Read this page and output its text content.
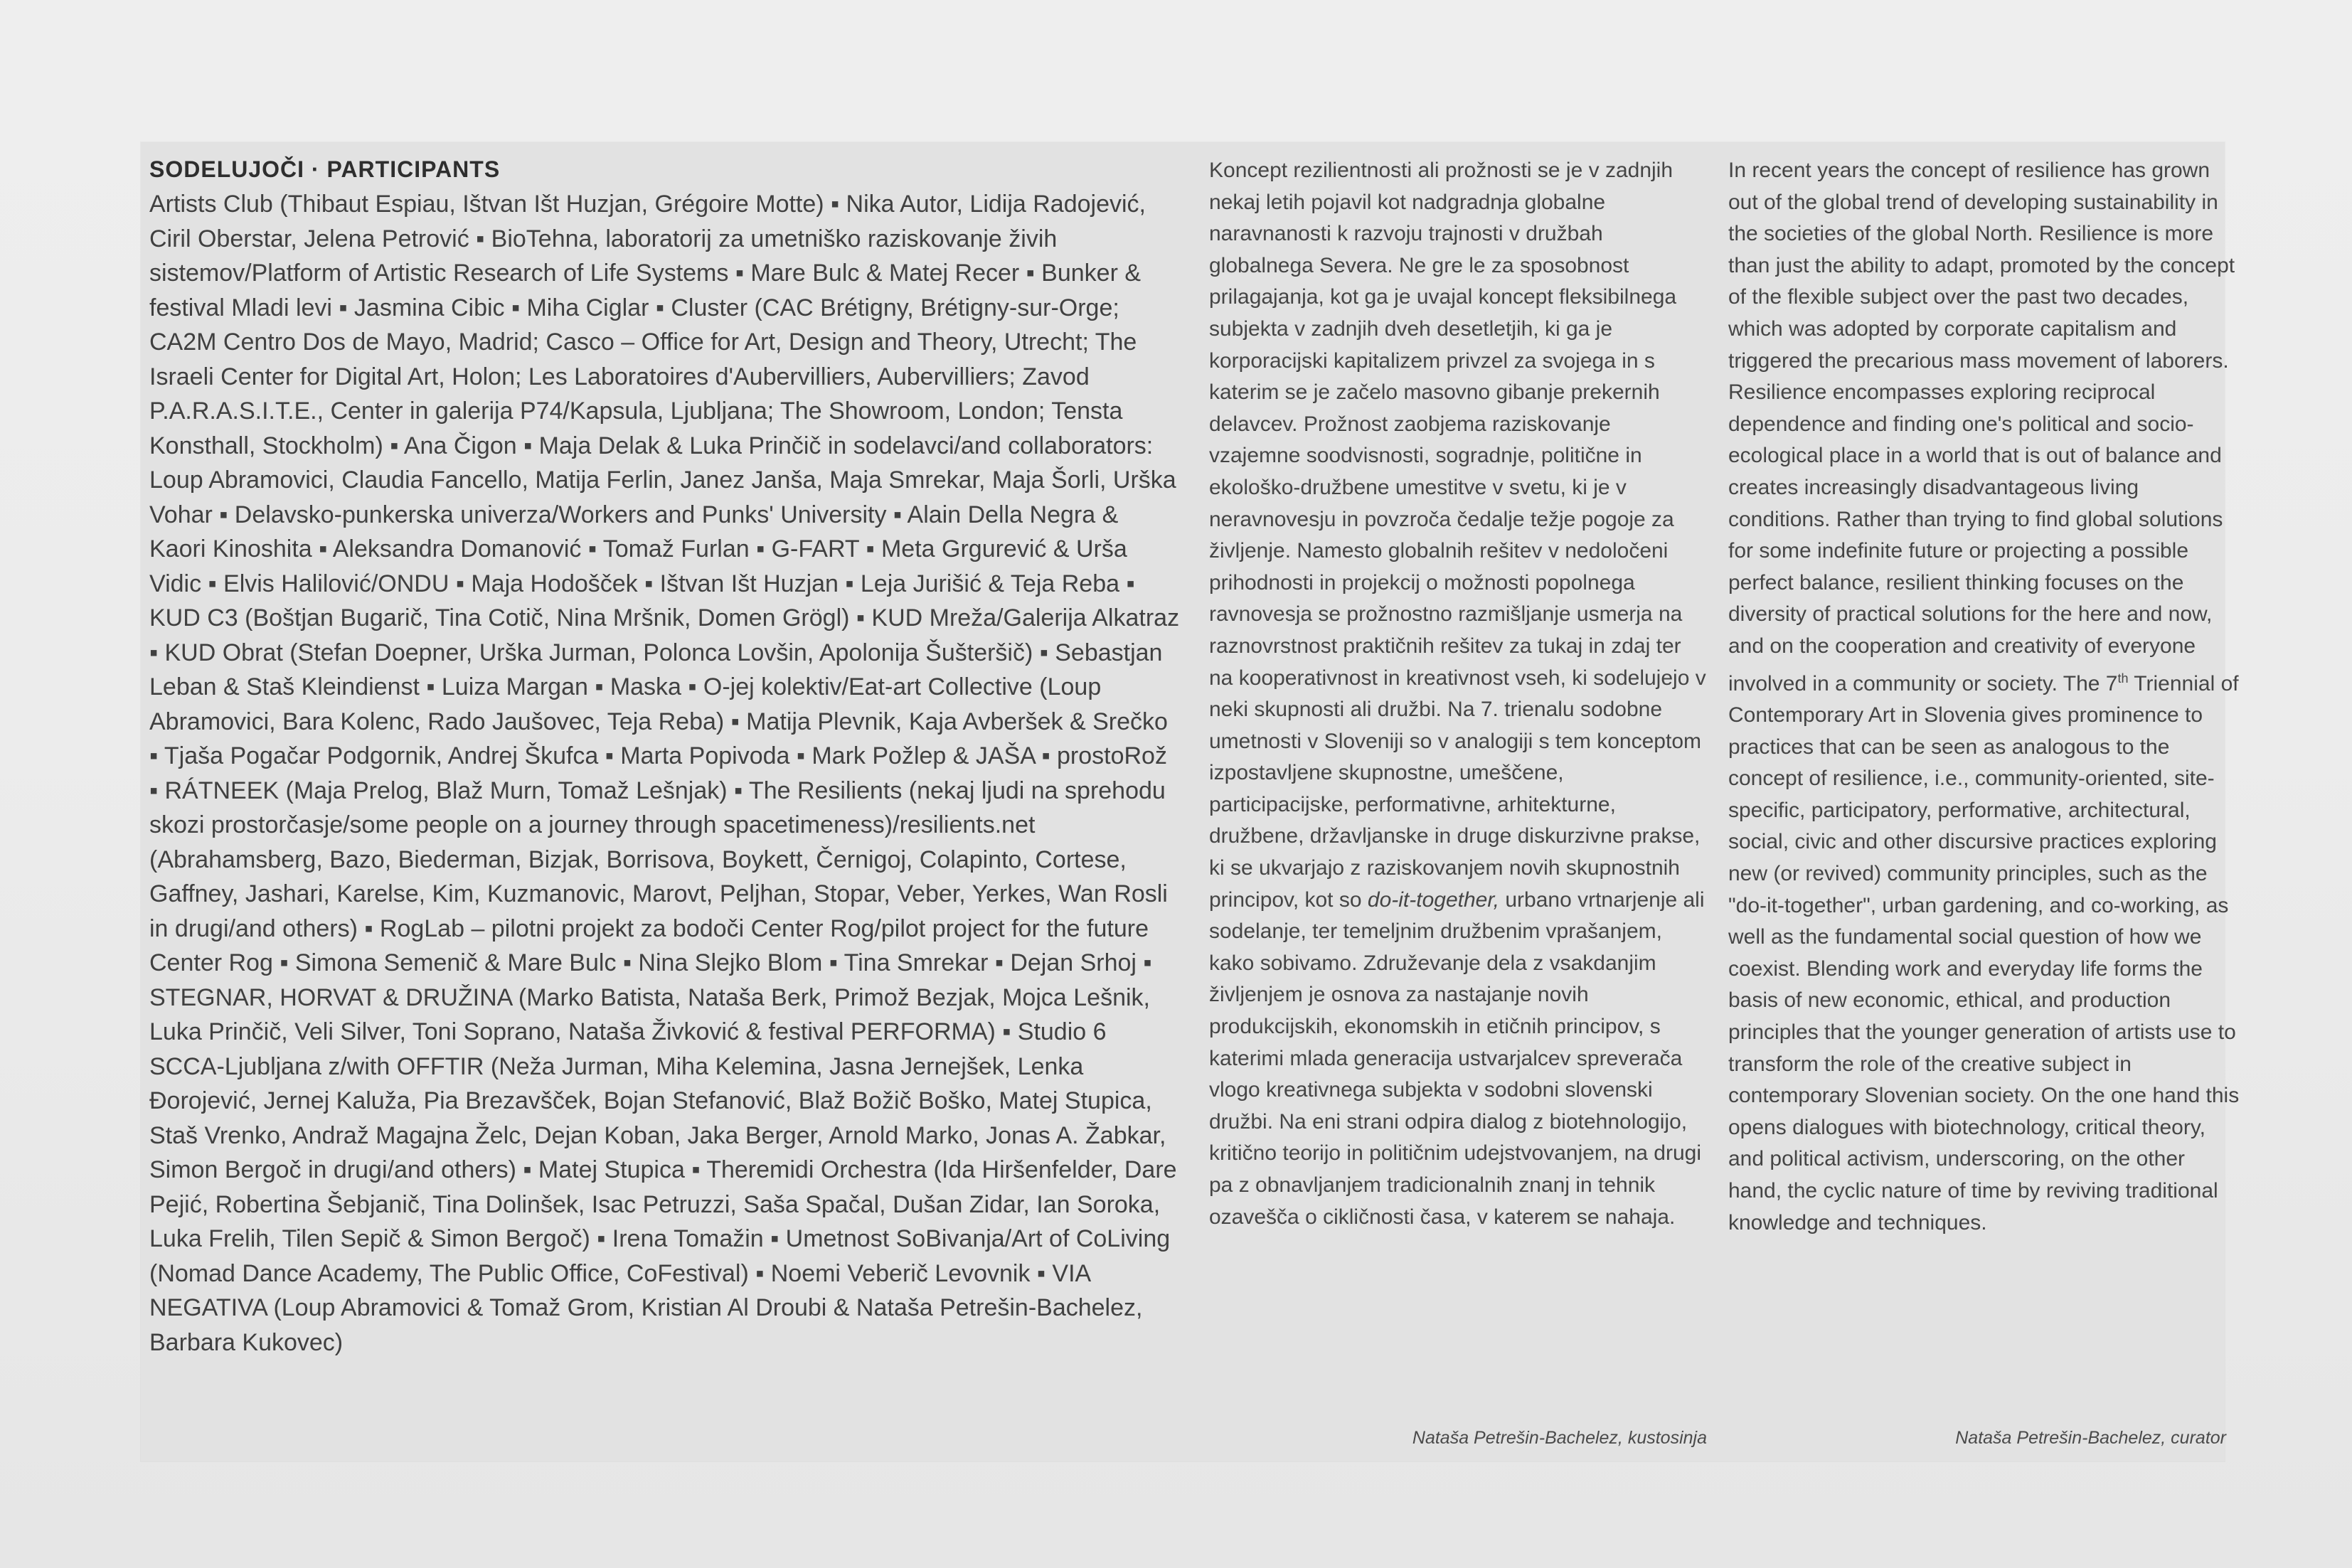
SODELUJOČI · PARTICIPANTS

Artists Club (Thibaut Espiau, Ištvan Išt Huzjan, Grégoire Motte) ▪ Nika Autor, Lidija Radojević, Ciril Oberstar, Jelena Petrović ▪ BioTehna, laboratorij za umetniško raziskovanje živih sistemov/Platform of Artistic Research of Life Systems ▪ Mare Bulc & Matej Recer ▪ Bunker & festival Mladi levi ▪ Jasmina Cibic ▪ Miha Ciglar ▪ Cluster (CAC Brétigny, Brétigny-sur-Orge; CA2M Centro Dos de Mayo, Madrid; Casco – Office for Art, Design and Theory, Utrecht; The Israeli Center for Digital Art, Holon; Les Laboratoires d'Aubervilliers, Aubervilliers; Zavod P.A.R.A.S.I.T.E., Center in galerija P74/Kapsula, Ljubljana; The Showroom, London; Tensta Konsthall, Stockholm) ▪ Ana Čigon ▪ Maja Delak & Luka Prinčič in sodelavci/and collaborators: Loup Abramovici, Claudia Fancello, Matija Ferlin, Janez Janša, Maja Smrekar, Maja Šorli, Urška Vohar ▪ Delavsko-punkerska univerza/Workers and Punks' University ▪ Alain Della Negra & Kaori Kinoshita ▪ Aleksandra Domanović ▪ Tomaž Furlan ▪ G-FART ▪ Meta Grgurević & Urša Vidic ▪ Elvis Halilović/ONDU ▪ Maja Hodošček ▪ Ištvan Išt Huzjan ▪ Leja Jurišić & Teja Reba ▪ KUD C3 (Boštjan Bugarič, Tina Cotič, Nina Mršnik, Domen Grögl) ▪ KUD Mreža/Galerija Alkatraz ▪ KUD Obrat (Stefan Doepner, Urška Jurman, Polonca Lovšin, Apolonija Šušteršič) ▪ Sebastjan Leban & Staš Kleindienst ▪ Luiza Margan ▪ Maska ▪ O-jej kolektiv/Eat-art Collective (Loup Abramovici, Bara Kolenc, Rado Jaušovec, Teja Reba) ▪ Matija Plevnik, Kaja Avberšek & Srečko ▪ Tjaša Pogačar Podgornik, Andrej Škufca ▪ Marta Popivoda ▪ Mark Požlep & JAŠA ▪ prostoRož ▪ RÁTNEEK (Maja Prelog, Blaž Murn, Tomaž Lešnjak) ▪ The Resilients (nekaj ljudi na sprehodu skozi prostorčasje/some people on a journey through spacetimeness)/resilients.net (Abrahamsberg, Bazo, Biederman, Bizjak, Borrisova, Boykett, Černigoj, Colapinto, Cortese, Gaffney, Jashari, Karelse, Kim, Kuzmanovic, Marovt, Peljhan, Stopar, Veber, Yerkes, Wan Rosli in drugi/and others) ▪ RogLab – pilotni projekt za bodoči Center Rog/pilot project for the future Center Rog ▪ Simona Semenič & Mare Bulc ▪ Nina Slejko Blom ▪ Tina Smrekar ▪ Dejan Srhoj ▪ STEGNAR, HORVAT & DRUŽINA (Marko Batista, Nataša Berk, Primož Bezjak, Mojca Lešnik, Luka Prinčič, Veli Silver, Toni Soprano, Nataša Živković & festival PERFORMA) ▪ Studio 6 SCCA-Ljubljana z/with OFFTIR (Neža Jurman, Miha Kelemina, Jasna Jernejšek, Lenka Đorojević, Jernej Kaluža, Pia Brezavšček, Bojan Stefanović, Blaž Božič Boško, Matej Stupica, Staš Vrenko, Andraž Magajna Želc, Dejan Koban, Jaka Berger, Arnold Marko, Jonas A. Žabkar, Simon Bergoč in drugi/and others) ▪ Matej Stupica ▪ Theremidi Orchestra (Ida Hiršenfelder, Dare Pejić, Robertina Šebjanič, Tina Dolinšek, Isac Petruzzi, Saša Spačal, Dušan Zidar, Ian Soroka, Luka Frelih, Tilen Sepič & Simon Bergoč) ▪ Irena Tomažin ▪ Umetnost SoBivanja/Art of CoLiving (Nomad Dance Academy, The Public Office, CoFestival) ▪ Noemi Veberič Levovnik ▪ VIA NEGATIVA (Loup Abramovici & Tomaž Grom, Kristian Al Droubi & Nataša Petrešin-Bachelez, Barbara Kukovec)

Koncept rezilientnosti ali prožnosti se je v zadnjih nekaj letih pojavil kot nadgradnja globalne naravnanosti k razvoju trajnosti v družbah globalnega Severa. Ne gre le za sposobnost prilagajanja, kot ga je uvajal koncept fleksibilnega subjekta v zadnjih dveh desetletjih, ki ga je korporacijski kapitalizem privzel za svojega in s katerim se je začelo masovno gibanje prekernih delavcev. Prožnost zaobjema raziskovanje vzajemne soodvisnosti, sogradnje, politične in ekološko-družbene umestitve v svetu, ki je v neravnovesju in povzroča čedalje težje pogoje za življenje. Namesto globalnih rešitev v nedoločeni prihodnosti in projekcij o možnosti popolnega ravnovesja se prožnostno razmišljanje usmerja na raznovrstnost praktičnih rešitev za tukaj in zdaj ter na kooperativnost in kreativnost vseh, ki sodelujejo v neki skupnosti ali družbi. Na 7. trienalu sodobne umetnosti v Sloveniji so v analogiji s tem konceptom izpostavljene skupnostne, umeščene, participacijske, performativne, arhitekturne, družbene, državljanske in druge diskurzivne prakse, ki se ukvarjajo z raziskovanjem novih skupnostnih principov, kot so do-it-together, urbano vrtnarjenje ali sodelanje, ter temeljnim družbenim vprašanjem, kako sobivamo. Združevanje dela z vsakdanjim življenjem je osnova za nastajanje novih produkcijskih, ekonomskih in etičnih principov, s katerimi mlada generacija ustvarjalcev spreverača vlogo kreativnega subjekta v sodobni slovenski družbi. Na eni strani odpira dialog z biotehnologijo, kritično teorijo in političnim udejstvovanjem, na drugi pa z obnavljanjem tradicionalnih znanj in tehnik ozavešča o cikličnosti časa, v katerem se nahaja.

In recent years the concept of resilience has grown out of the global trend of developing sustainability in the societies of the global North. Resilience is more than just the ability to adapt, promoted by the concept of the flexible subject over the past two decades, which was adopted by corporate capitalism and triggered the precarious mass movement of laborers. Resilience encompasses exploring reciprocal dependence and finding one's political and socio-ecological place in a world that is out of balance and creates increasingly disadvantageous living conditions. Rather than trying to find global solutions for some indefinite future or projecting a possible perfect balance, resilient thinking focuses on the diversity of practical solutions for the here and now, and on the cooperation and creativity of everyone involved in a community or society. The 7th Triennial of Contemporary Art in Slovenia gives prominence to practices that can be seen as analogous to the concept of resilience, i.e., community-oriented, site-specific, participatory, performative, architectural, social, civic and other discursive practices exploring new (or revived) community principles, such as the "do-it-together", urban gardening, and co-working, as well as the fundamental social question of how we coexist. Blending work and everyday life forms the basis of new economic, ethical, and production principles that the younger generation of artists use to transform the role of the creative subject in contemporary Slovenian society. On the one hand this opens dialogues with biotechnology, critical theory, and political activism, underscoring, on the other hand, the cyclic nature of time by reviving traditional knowledge and techniques.

Nataša Petrešin-Bachelez, kustosinja	Nataša Petrešin-Bachelez, curator
